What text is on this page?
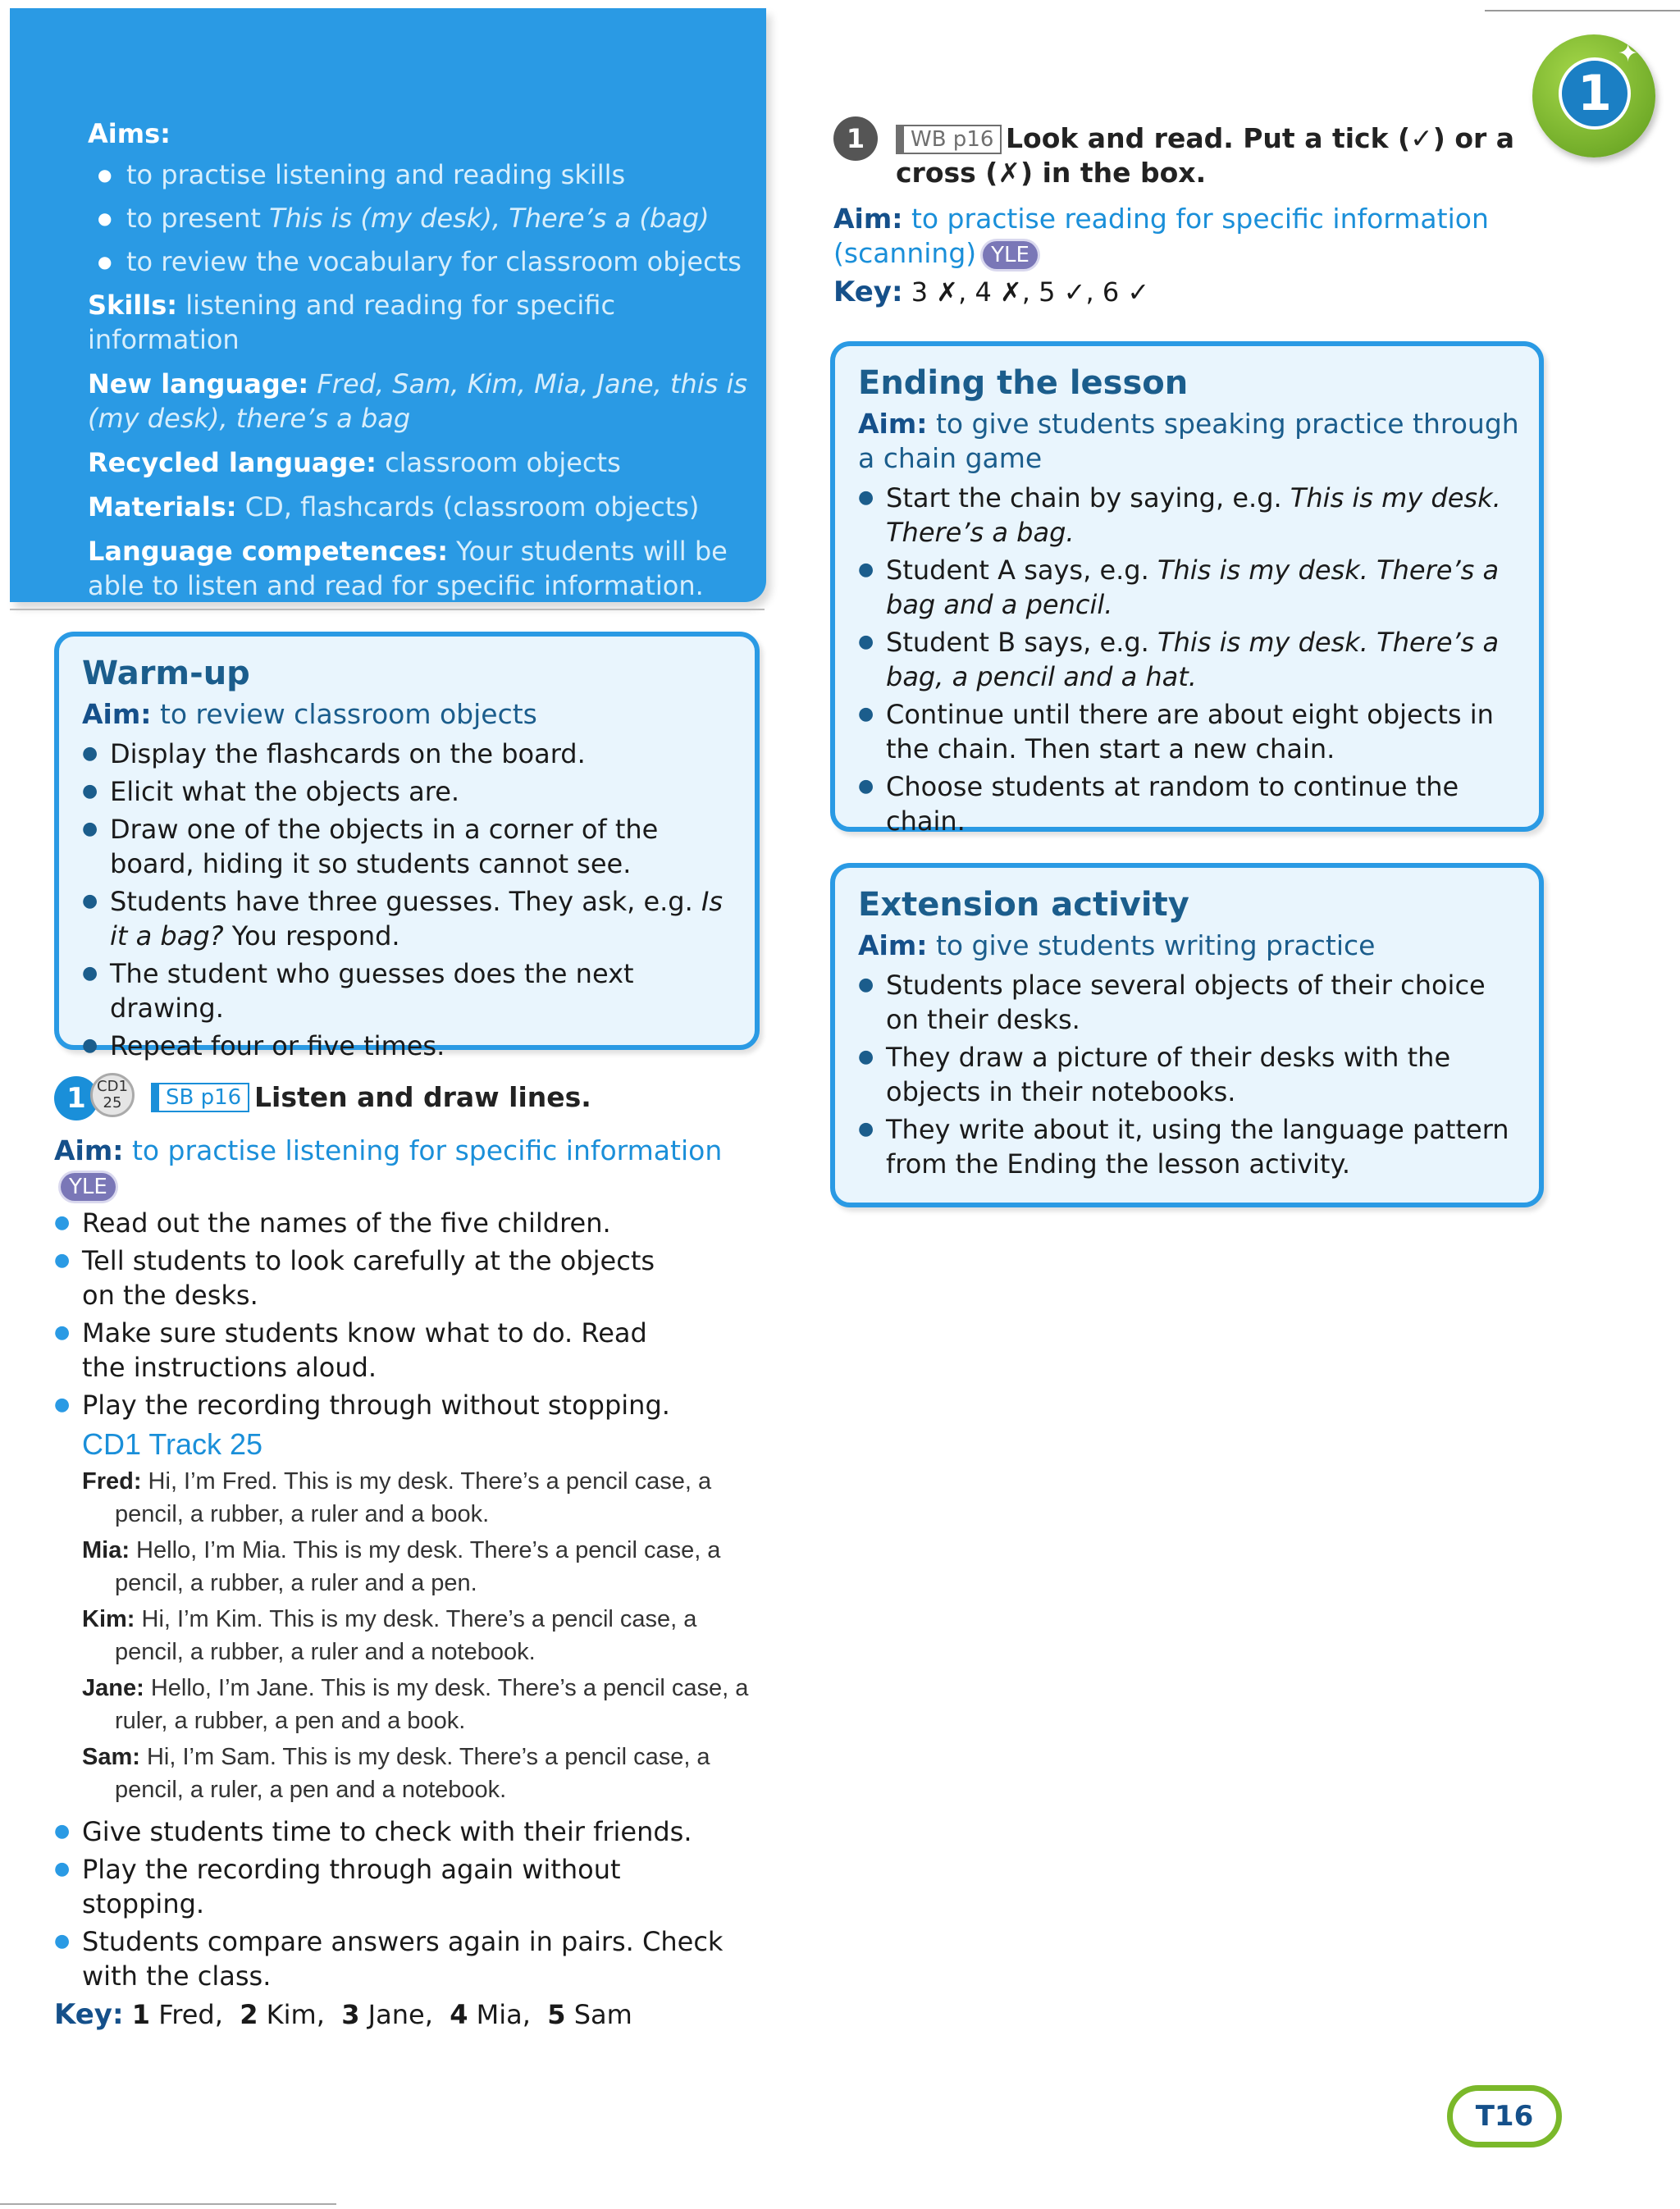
Aims:

● to practise listening and reading skills
● to present This is (my desk), There’s a (bag)
● to review the vocabulary for classroom objects

Skills: listening and reading for specific information

New language: Fred, Sam, Kim, Mia, Jane, this is (my desk), there’s a bag

Recycled language: classroom objects

Materials: CD, flashcards (classroom objects)

Language competences: Your students will be able to listen and read for specific information.

Warm-up
Aim: to review classroom objects
● Display the flashcards on the board.
● Elicit what the objects are.
● Draw one of the objects in a corner of the board, hiding it so students cannot see.
● Students have three guesses. They ask, e.g. Is it a bag? You respond.
● The student who guesses does the next drawing.
● Repeat four or five times.
1 CD1
25	SB p16 Listen and draw lines.
Aim: to practise listening for specific informationYLE
● Read out the names of the five children.
● Tell students to look carefully at the objects on the desks.
● Make sure students know what to do. Read the instructions aloud.
● Play the recording through without stopping.
CD1 Track 25

Fred: Hi, I’m Fred. This is my desk. There’s a pencil case, a pencil, a rubber, a ruler and a book.

Mia: Hello, I’m Mia. This is my desk. There’s a pencil case, a pencil, a rubber, a ruler and a pen.

Kim: Hi, I’m Kim. This is my desk. There’s a pencil case, a pencil, a rubber, a ruler and a notebook.

Jane: Hello, I’m Jane. This is my desk. There’s a pencil case, a ruler, a rubber, a pen and a book.

Sam: Hi, I’m Sam. This is my desk. There’s a pencil case, a pencil, a ruler, a pen and a notebook.

● Give students time to check with their friends.
● Play the recording through again without stopping.
● Students compare answers again in pairs. Check with the class.
Key: 1 Fred, 2 Kim, 3 Jane, 4 Mia, 5 Sam
1
✦
1	WB p16 Look and read. Put a tick (✓) or a cross (✗) in the box.
Aim: to practise reading for specific information (scanning) YLE
Key: 3 ✗, 4 ✗, 5 ✓, 6 ✓
Ending the lesson
Aim: to give students speaking practice through a chain game
● Start the chain by saying, e.g. This is my desk. There’s a bag.
● Student A says, e.g. This is my desk. There’s a bag and a pencil.
● Student B says, e.g. This is my desk. There’s a bag, a pencil and a hat.
● Continue until there are about eight objects in the chain. Then start a new chain.
● Choose students at random to continue the chain.
Extension activity
Aim: to give students writing practice
● Students place several objects of their choice on their desks.
● They draw a picture of their desks with the objects in their notebooks.
● They write about it, using the language pattern from the Ending the lesson activity.
T16
